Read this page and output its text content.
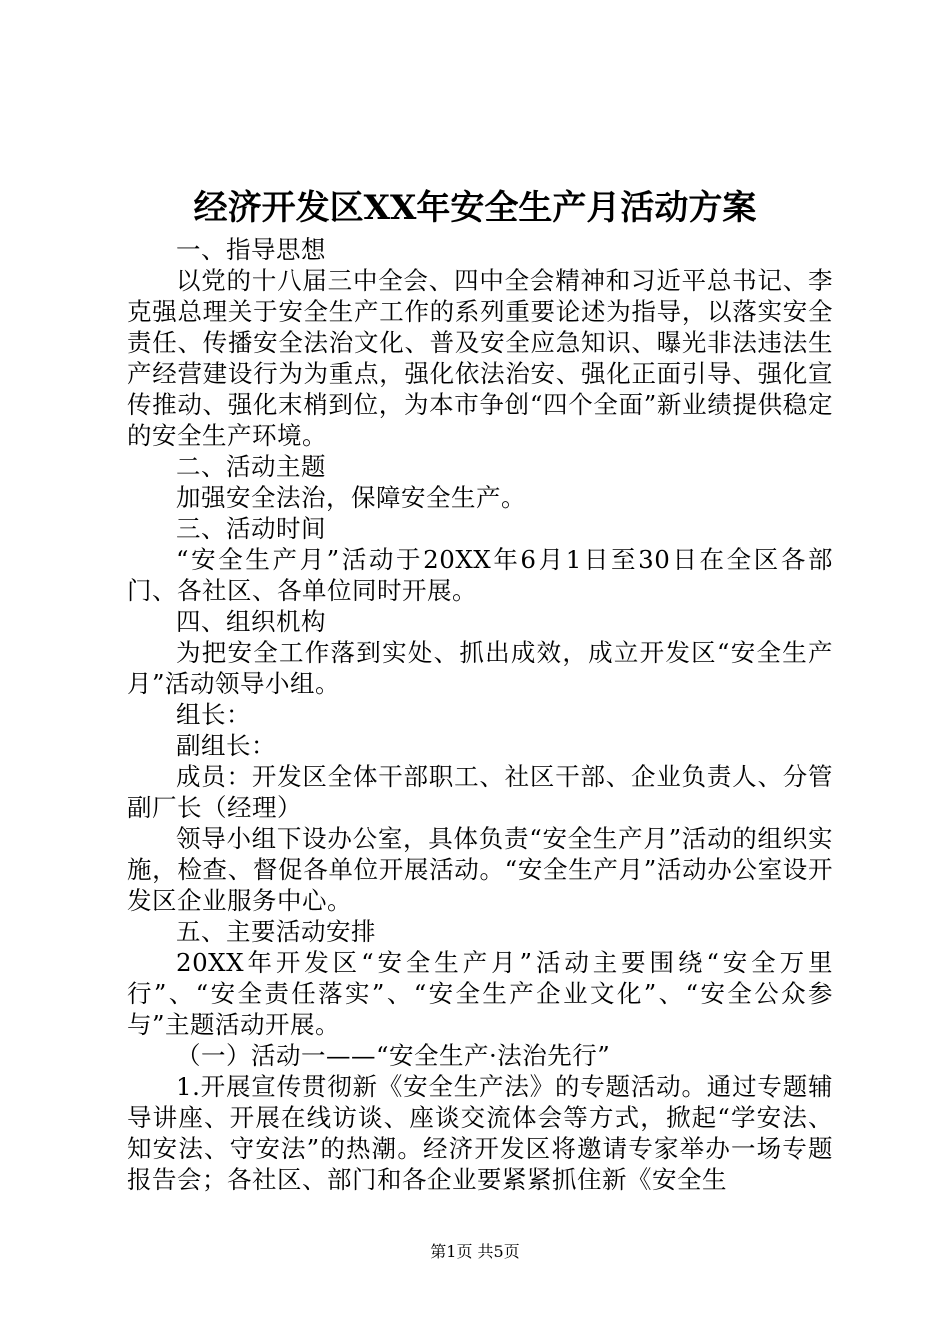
经济开发区XX年安全生产月活动方案

一、指导思想

以党的十八届三中全会、四中全会精神和习近平总书记、李克强总理关于安全生产工作的系列重要论述为指导，以落实安全责任、传播安全法治文化、普及安全应急知识、曝光非法违法生产经营建设行为为重点，强化依法治安、强化正面引导、强化宣传推动、强化末梢到位，为本市争创“四个全面”新业绩提供稳定的安全生产环境。

二、活动主题

加强安全法治，保障安全生产。

三、活动时间

“安全生产月”活动于20XX年6月1日至30日在全区各部门、各社区、各单位同时开展。

四、组织机构

为把安全工作落到实处、抓出成效，成立开发区“安全生产月”活动领导小组。

组长：

副组长：

成员：开发区全体干部职工、社区干部、企业负责人、分管副厂长（经理）

领导小组下设办公室，具体负责“安全生产月”活动的组织实施，检查、督促各单位开展活动。“安全生产月”活动办公室设开发区企业服务中心。

五、主要活动安排

20XX年开发区“安全生产月”活动主要围绕“安全万里行”、“安全责任落实”、“安全生产企业文化”、“安全公众参与”主题活动开展。

（一）活动一——“安全生产·法治先行”

1.开展宣传贯彻新《安全生产法》的专题活动。通过专题辅导讲座、开展在线访谈、座谈交流体会等方式，掀起“学安法、知安法、守安法”的热潮。经济开发区将邀请专家举办一场专题报告会；各社区、部门和各企业要紧紧抓住新《安全生

第1页 共5页
